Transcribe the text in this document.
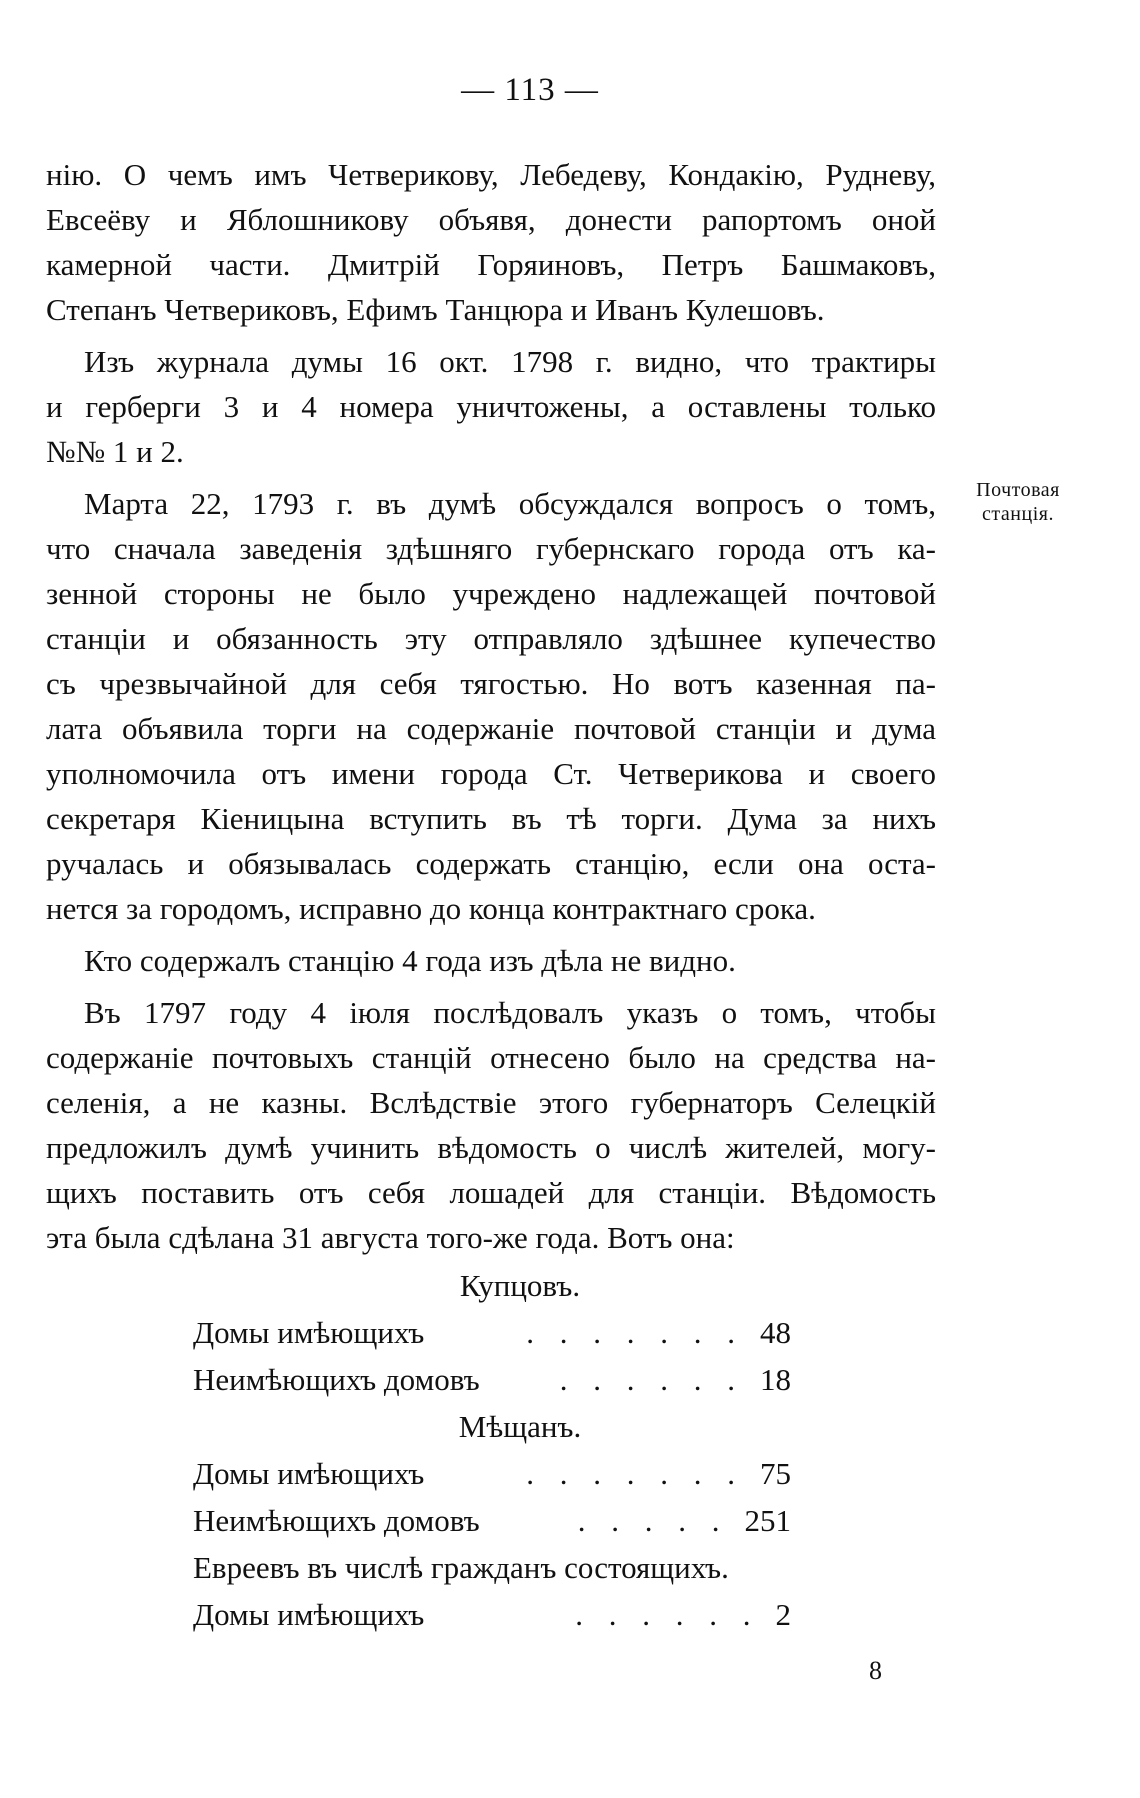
— 113 —
Почтовая
станція.
нію. О чемъ имъ Четверикову, Лебедеву, Кондакію, Рудневу,
Евсеёву и Яблошникову объявя, донести рапортомъ оной
камерной части. Дмитрій Горяиновъ, Петръ Башмаковъ,
Степанъ Четвериковъ, Ефимъ Танцюра и Иванъ Кулешовъ.
Изъ журнала думы 16 окт. 1798 г. видно, что трактиры
и герберги 3 и 4 номера уничтожены, а оставлены только
№№ 1 и 2.
Марта 22, 1793 г. въ думѣ обсуждался вопросъ о томъ,
что сначала заведенія здѣшняго губернскаго города отъ ка-
зенной стороны не было учреждено надлежащей почтовой
станціи и обязанность эту отправляло здѣшнее купечество
съ чрезвычайной для себя тягостью. Но вотъ казенная па-
лата объявила торги на содержаніе почтовой станціи и дума
уполномочила отъ имени города Ст. Четверикова и своего
секретаря Кіеницына вступить въ тѣ торги. Дума за нихъ
ручалась и обязывалась содержать станцію, если она оста-
нется за городомъ, исправно до конца контрактнаго срока.
Кто содержалъ станцію 4 года изъ дѣла не видно.
Въ 1797 году 4 іюля послѣдовалъ указъ о томъ, чтобы
содержаніе почтовыхъ станцій отнесено было на средства на-
селенія, а не казны. Вслѣдствіе этого губернаторъ Селецкій
предложилъ думѣ учинить вѣдомость о числѣ жителей, могу-
щихъ поставить отъ себя лошадей для станціи. Вѣдомость
эта была сдѣлана 31 августа того-же года. Вотъ она:
Купцовъ.
Домы имѣющихъ	. . . . . . . 48
Неимѣющихъ домовъ	. . . . . . 18
Мѣщанъ.
Домы имѣющихъ	. . . . . . . 75
Неимѣющихъ домовъ	. . . . . 251
Евреевъ въ числѣ гражданъ состоящихъ.
Домы имѣющихъ	. . . . . . 2
8
